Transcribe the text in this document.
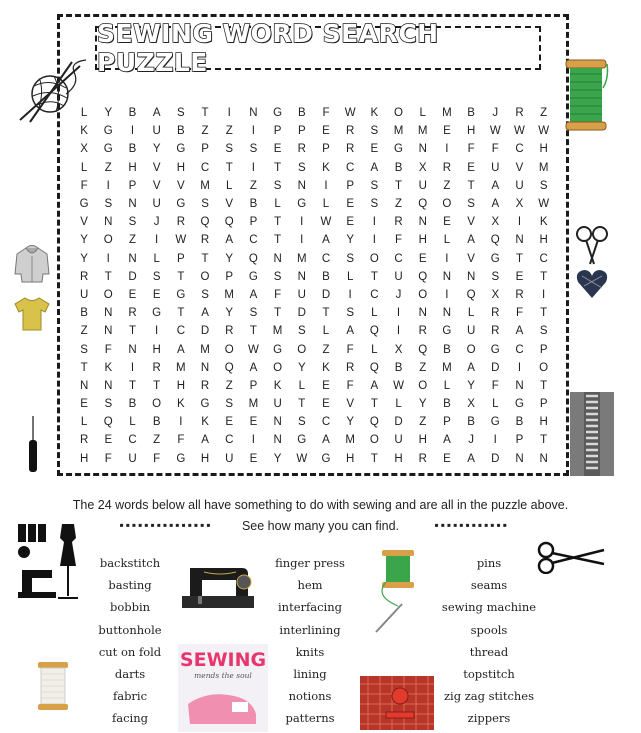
SEWING WORD SEARCH PUZZLE
L	Y	B	A	S	T	I	N	G	B	F	W	K	O	L	M	B	J	R	Z
K	G	I	U	B	Z	Z	I	P	P	E	R	S	M	M	E	H	W	W	W
X	G	B	Y	G	P	S	S	E	R	P	R	E	G	N	I	F	F	C	H
L	Z	H	V	H	C	T	I	T	S	K	C	A	B	X	R	E	U	V	M
F	I	P	V	V	M	L	Z	S	N	I	P	S	T	U	Z	T	A	U	S
G	S	N	U	G	S	V	B	L	G	L	E	S	Z	Q	O	S	A	X	W
V	N	S	J	R	Q	Q	P	T	I	W	E	I	R	N	E	V	X	I	K
Y	O	Z	I	W	R	A	C	T	I	A	Y	I	F	H	L	A	Q	N	H
Y	I	N	L	P	T	Y	Q	N	M	C	S	O	C	E	I	V	G	T	C
R	T	D	S	T	O	P	G	S	N	B	L	T	U	Q	N	N	S	E	T
U	O	E	E	G	S	M	A	F	U	D	I	C	J	O	I	Q	X	R	I
B	N	R	G	T	A	Y	S	T	D	T	S	L	I	N	N	L	R	F	T
Z	N	T	I	C	D	R	T	M	S	L	A	Q	I	R	G	U	R	A	S
S	F	N	H	A	M	O	W	G	O	Z	F	L	X	Q	B	O	G	C	P
T	K	I	R	M	N	Q	A	O	Y	K	R	Q	B	Z	M	A	D	I	O
N	N	T	T	H	R	Z	P	K	L	E	F	A	W	O	L	Y	F	N	T
E	S	B	O	K	G	S	M	U	T	E	V	T	L	Y	B	X	L	G	P
L	Q	L	B	I	K	E	E	N	S	C	Y	Q	D	Z	P	B	G	B	H
R	E	C	Z	F	A	C	I	N	G	A	M	O	U	H	A	J	I	P	T
H	F	U	F	G	H	U	E	Y	W	G	H	T	H	R	E	A	D	N	N
The 24 words below all have something to do with sewing and are all in the puzzle above.
See how many you can find.
▪▪▪▪▪▪▪▪▪▪▪▪▪▪▪	▪▪▪▪▪▪▪▪▪▪▪▪
backstitch
basting
bobbin
buttonhole
cut on fold
darts
fabric
facing
finger press
hem
interfacing
interlining
knits
lining
notions
patterns
pins
seams
sewing machine
spools
thread
topstitch
zig zag stitches
zippers
SEWING
mends the soul
